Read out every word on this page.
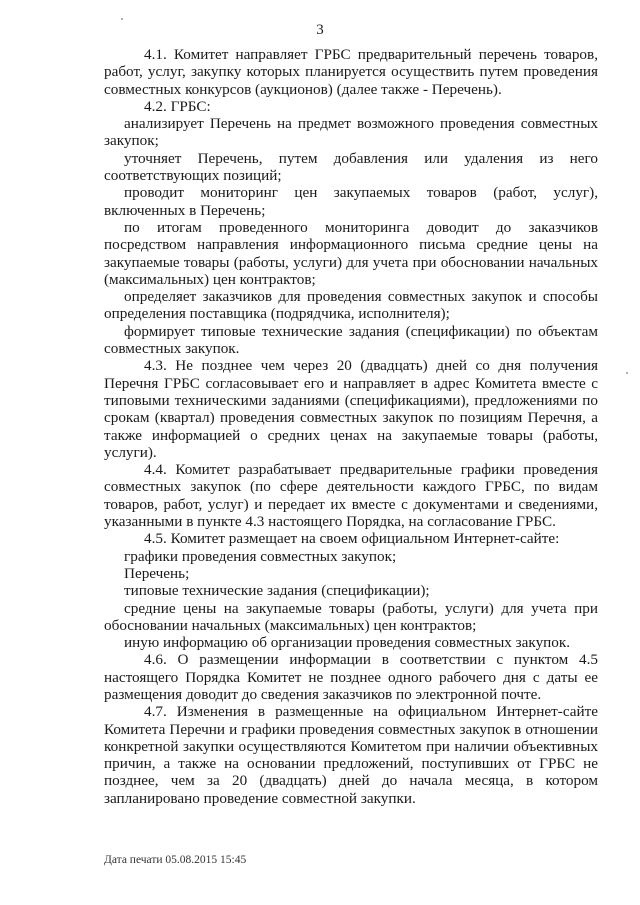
3

4.1. Комитет направляет ГРБС предварительный перечень товаров, работ, услуг, закупку которых планируется осуществить путем проведения совместных конкурсов (аукционов) (далее также - Перечень).

4.2. ГРБС:

анализирует Перечень на предмет возможного проведения совместных закупок;

уточняет Перечень, путем добавления или удаления из него соответствующих позиций;

проводит мониторинг цен закупаемых товаров (работ, услуг), включенных в Перечень;

по итогам проведенного мониторинга доводит до заказчиков посредством направления информационного письма средние цены на закупаемые товары (работы, услуги) для учета при обосновании начальных (максимальных) цен контрактов;

определяет заказчиков для проведения совместных закупок и способы определения поставщика (подрядчика, исполнителя);

формирует типовые технические задания (спецификации) по объектам совместных закупок.

4.3. Не позднее чем через 20 (двадцать) дней со дня получения Перечня ГРБС согласовывает его и направляет в адрес Комитета вместе с типовыми техническими заданиями (спецификациями), предложениями по срокам (квартал) проведения совместных закупок по позициям Перечня, а также информацией о средних ценах на закупаемые товары (работы, услуги).

4.4. Комитет разрабатывает предварительные графики проведения совместных закупок (по сфере деятельности каждого ГРБС, по видам товаров, работ, услуг) и передает их вместе с документами и сведениями, указанными в пункте 4.3 настоящего Порядка, на согласование ГРБС.

4.5. Комитет размещает на своем официальном Интернет-сайте:

графики проведения совместных закупок;

Перечень;

типовые технические задания (спецификации);

средние цены на закупаемые товары (работы, услуги) для учета при обосновании начальных (максимальных) цен контрактов;

иную информацию об организации проведения совместных закупок.

4.6. О размещении информации в соответствии с пунктом 4.5 настоящего Порядка Комитет не позднее одного рабочего дня с даты ее размещения доводит до сведения заказчиков по электронной почте.

4.7. Изменения в размещенные на официальном Интернет-сайте Комитета Перечни и графики проведения совместных закупок в отношении конкретной закупки осуществляются Комитетом при наличии объективных причин, а также на основании предложений, поступивших от ГРБС не позднее, чем за 20 (двадцать) дней до начала месяца, в котором запланировано проведение совместной закупки.

Дата печати 05.08.2015 15:45
